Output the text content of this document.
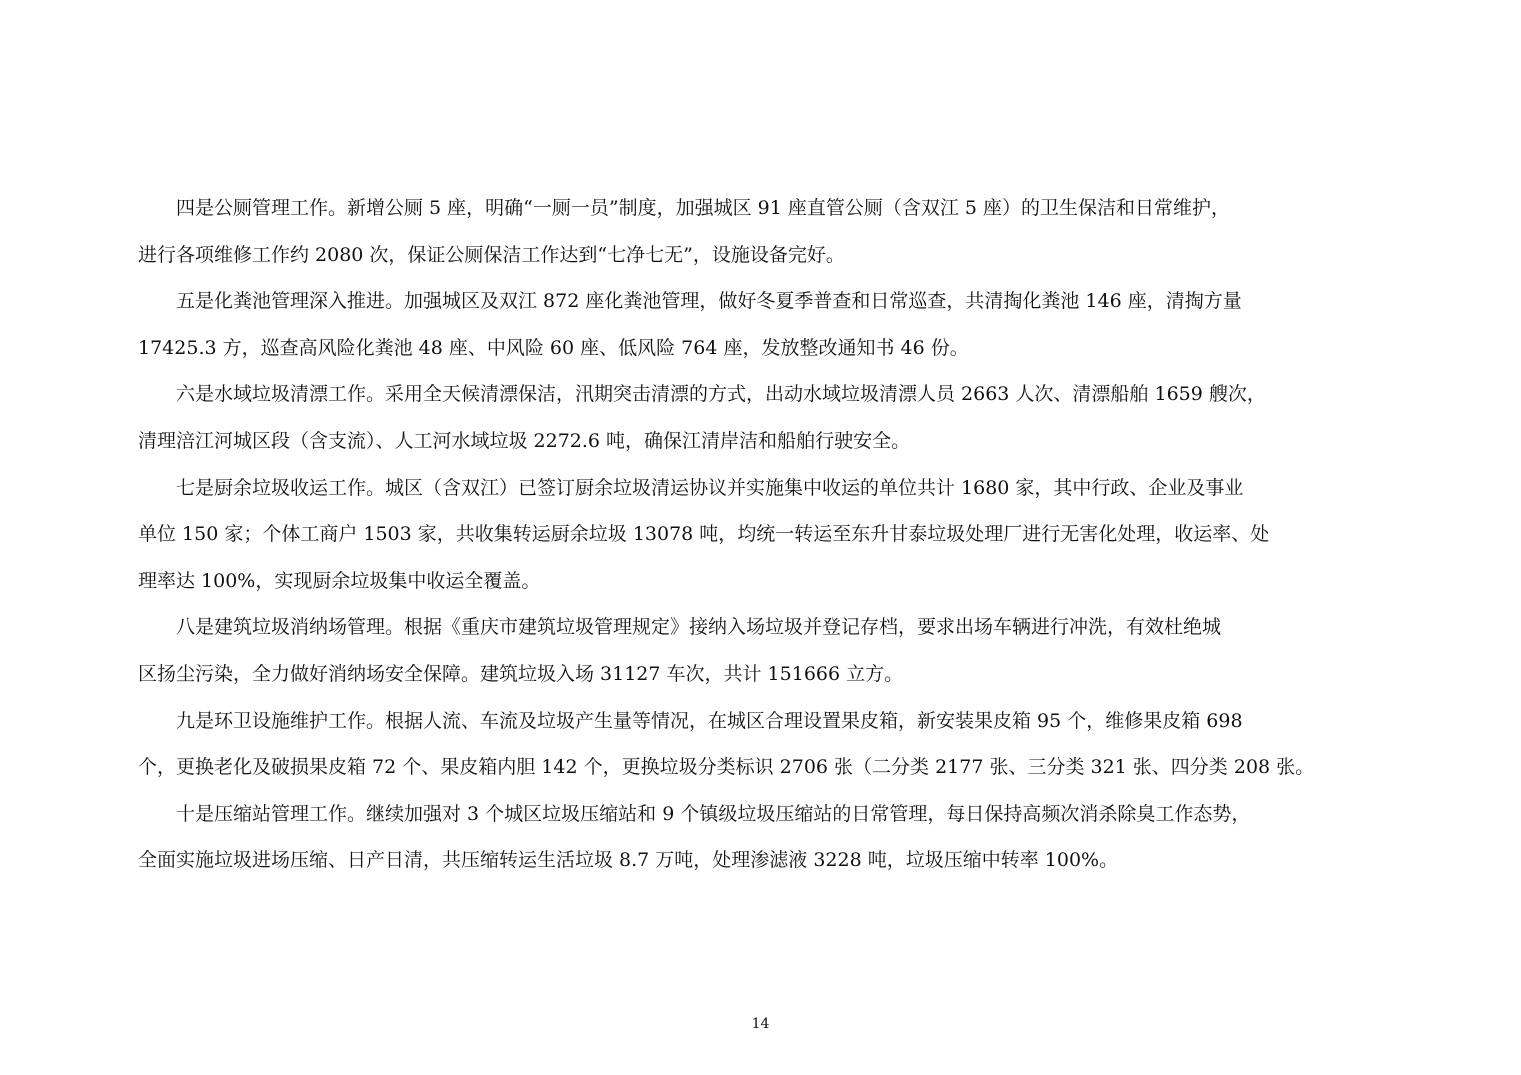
　　四是公厕管理工作。新增公厕 5 座，明确“一厕一员”制度，加强城区 91 座直管公厕（含双江 5 座）的卫生保洁和日常维护，
进行各项维修工作约 2080 次，保证公厕保洁工作达到“七净七无”，设施设备完好。
　　五是化粪池管理深入推进。加强城区及双江 872 座化粪池管理，做好冬夏季普查和日常巡查，共清掏化粪池 146 座，清掏方量
17425.3 方，巡查高风险化粪池 48 座、中风险 60 座、低风险 764 座，发放整改通知书 46 份。
　　六是水域垃圾清漂工作。采用全天候清漂保洁，汛期突击清漂的方式，出动水域垃圾清漂人员 2663 人次、清漂船舶 1659 艘次，
清理涪江河城区段（含支流）、人工河水域垃圾 2272.6 吨，确保江清岸洁和船舶行驶安全。
　　七是厨余垃圾收运工作。城区（含双江）已签订厨余垃圾清运协议并实施集中收运的单位共计 1680 家，其中行政、企业及事业
单位 150 家；个体工商户 1503 家，共收集转运厨余垃圾 13078 吨，均统一转运至东升甘泰垃圾处理厂进行无害化处理，收运率、处
理率达 100%，实现厨余垃圾集中收运全覆盖。
　　八是建筑垃圾消纳场管理。根据《重庆市建筑垃圾管理规定》接纳入场垃圾并登记存档，要求出场车辆进行冲洗，有效杜绝城
区扬尘污染，全力做好消纳场安全保障。建筑垃圾入场 31127 车次，共计 151666 立方。
　　九是环卫设施维护工作。根据人流、车流及垃圾产生量等情况，在城区合理设置果皮箱，新安装果皮箱 95 个，维修果皮箱 698
个，更换老化及破损果皮箱 72 个、果皮箱内胆 142 个，更换垃圾分类标识 2706 张（二分类 2177 张、三分类 321 张、四分类 208 张。
　　十是压缩站管理工作。继续加强对 3 个城区垃圾压缩站和 9 个镇级垃圾压缩站的日常管理，每日保持高频次消杀除臭工作态势，
全面实施垃圾进场压缩、日产日清，共压缩转运生活垃圾 8.7 万吨，处理渗滤液 3228 吨，垃圾压缩中转率 100%。
14
